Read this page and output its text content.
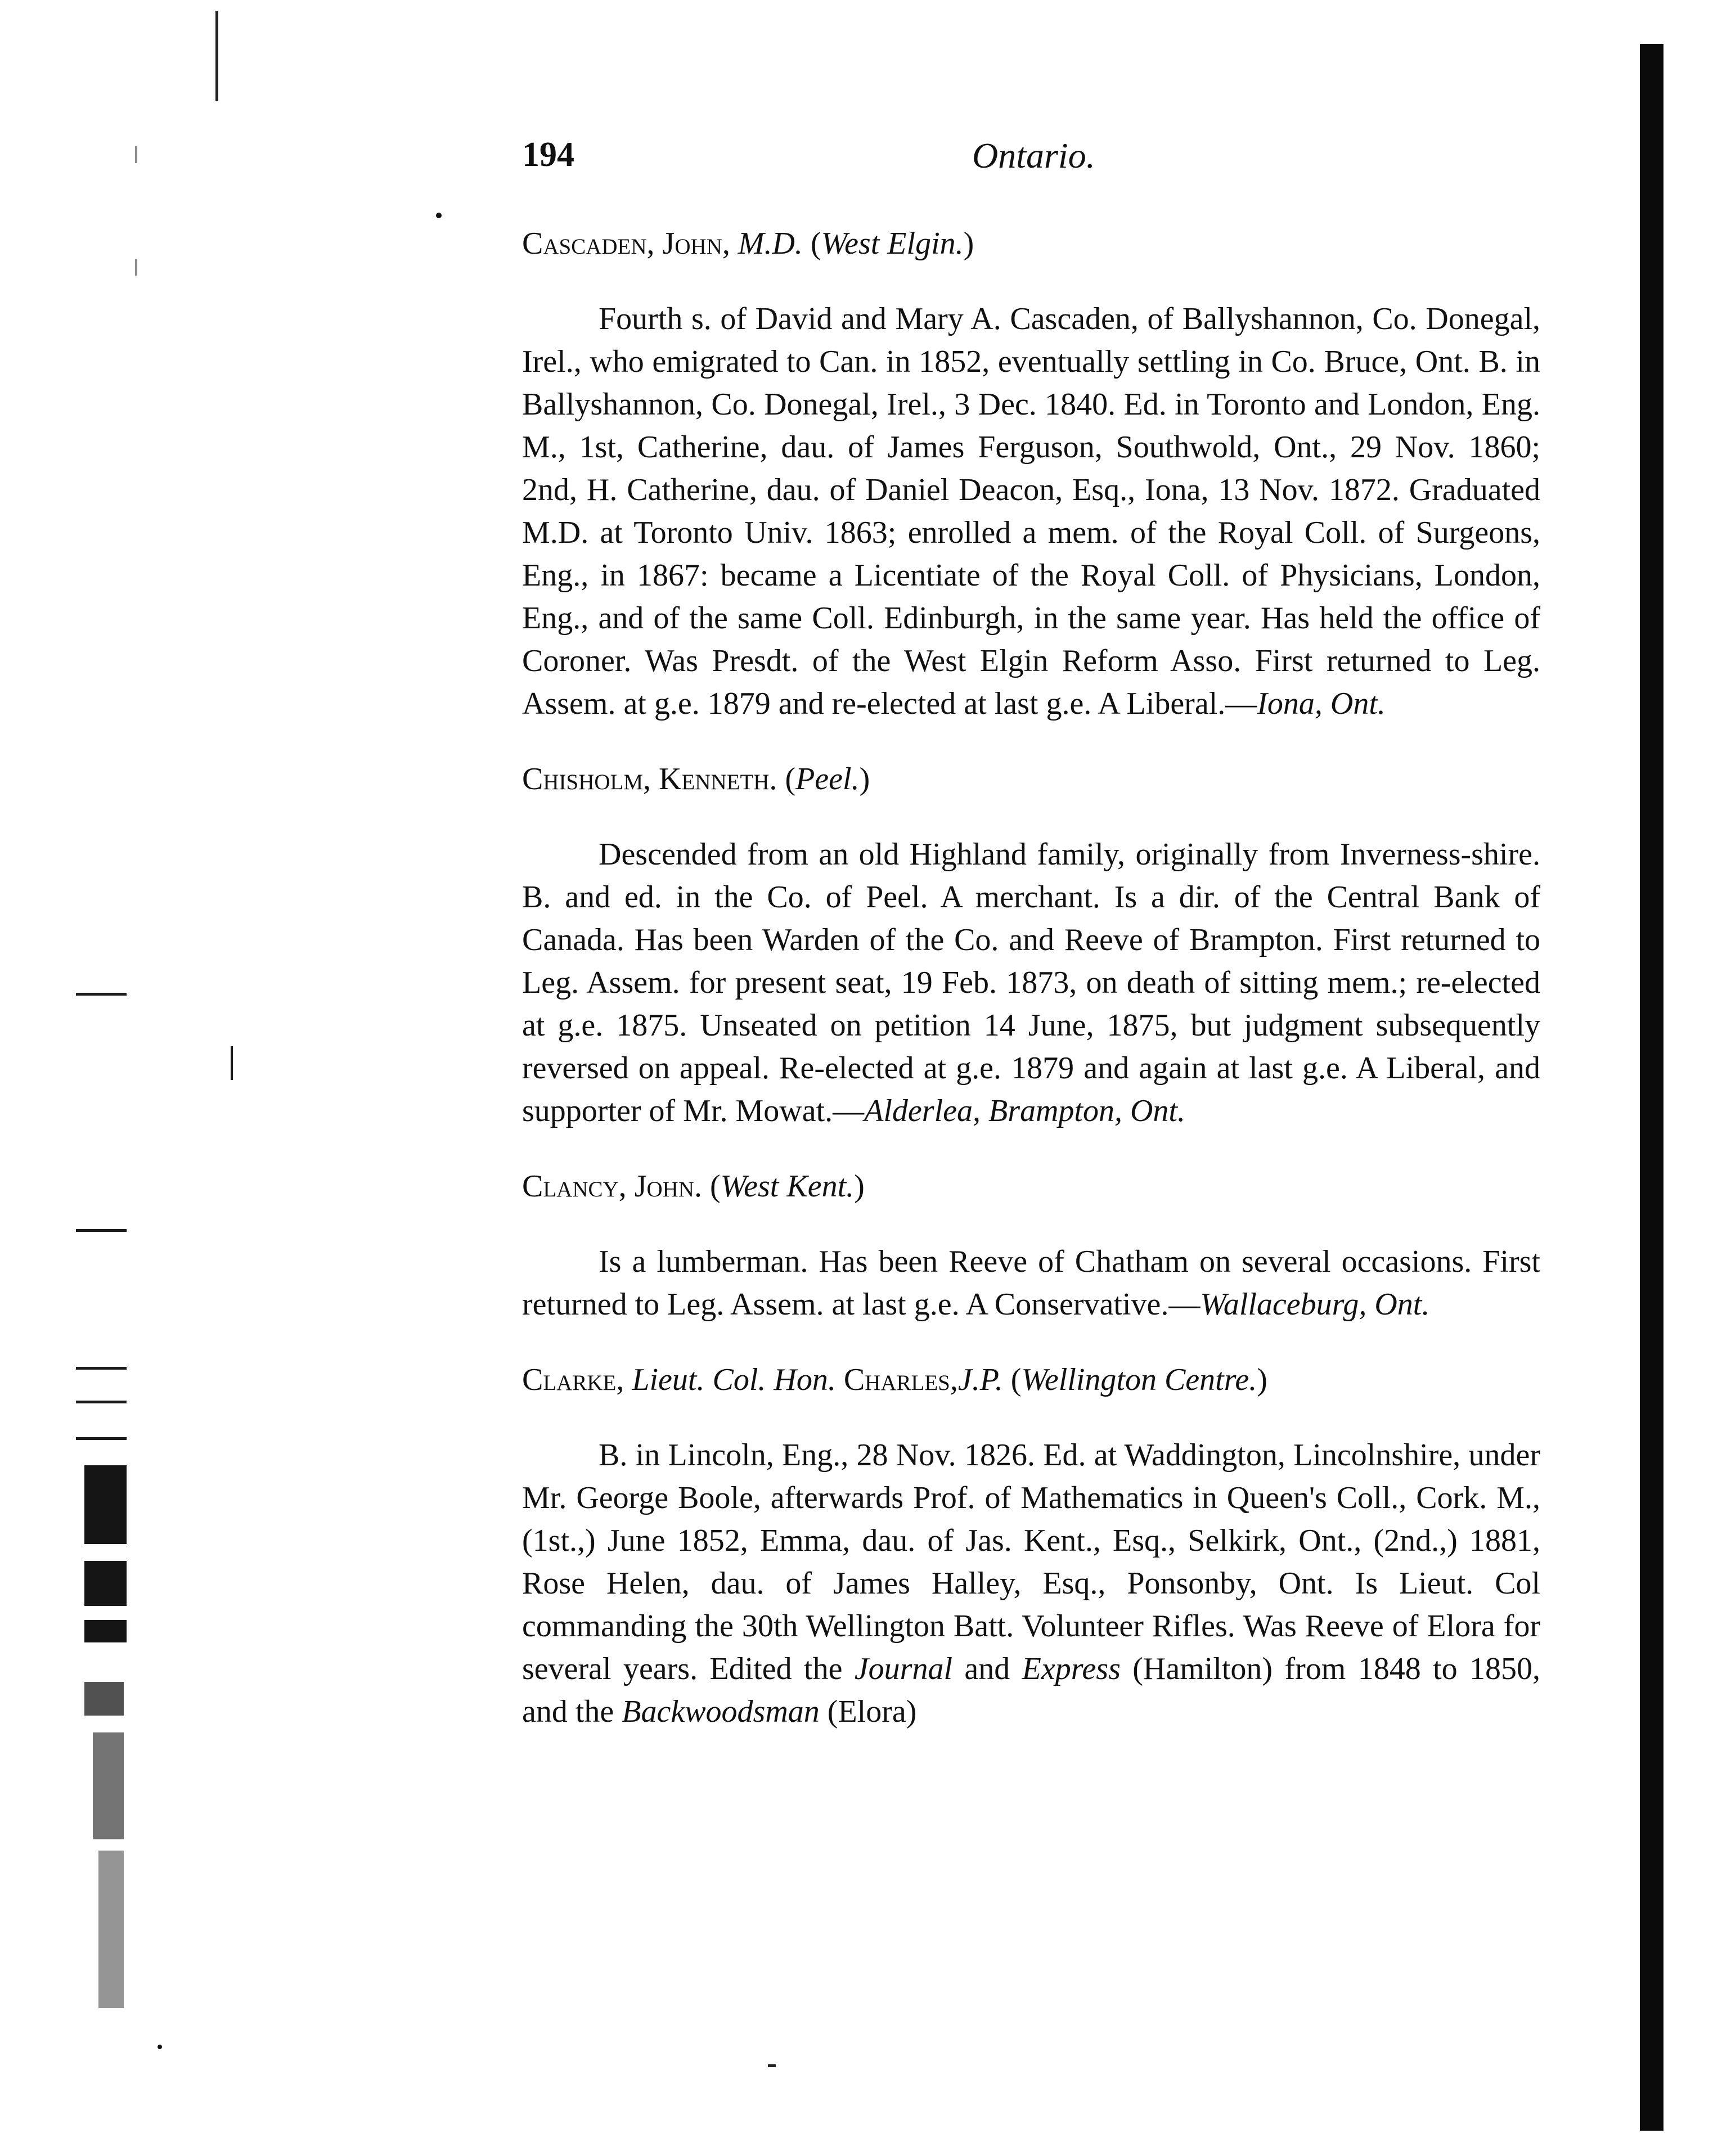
194	Ontario.
Cascaden, John, M.D. (West Elgin.)

Fourth s. of David and Mary A. Cascaden, of Ballyshannon, Co. Donegal, Irel., who emigrated to Can. in 1852, eventually settling in Co. Bruce, Ont. B. in Ballyshannon, Co. Donegal, Irel., 3 Dec. 1840. Ed. in Toronto and London, Eng. M., 1st, Catherine, dau. of James Ferguson, Southwold, Ont., 29 Nov. 1860; 2nd, H. Catherine, dau. of Daniel Deacon, Esq., Iona, 13 Nov. 1872. Graduated M.D. at Toronto Univ. 1863; enrolled a mem. of the Royal Coll. of Surgeons, Eng., in 1867: became a Licentiate of the Royal Coll. of Physicians, London, Eng., and of the same Coll. Edinburgh, in the same year. Has held the office of Coroner. Was Presdt. of the West Elgin Reform Asso. First returned to Leg. Assem. at g.e. 1879 and re-elected at last g.e. A Liberal.—Iona, Ont.

Chisholm, Kenneth. (Peel.)

Descended from an old Highland family, originally from Inverness-shire. B. and ed. in the Co. of Peel. A merchant. Is a dir. of the Central Bank of Canada. Has been Warden of the Co. and Reeve of Brampton. First returned to Leg. Assem. for present seat, 19 Feb. 1873, on death of sitting mem.; re-elected at g.e. 1875. Unseated on petition 14 June, 1875, but judgment subsequently reversed on appeal. Re-elected at g.e. 1879 and again at last g.e. A Liberal, and supporter of Mr. Mowat.—Alderlea, Brampton, Ont.

Clancy, John. (West Kent.)

Is a lumberman. Has been Reeve of Chatham on several occasions. First returned to Leg. Assem. at last g.e. A Conservative.—Wallaceburg, Ont.

Clarke, Lieut. Col. Hon. Charles,J.P. (Wellington Centre.)

B. in Lincoln, Eng., 28 Nov. 1826. Ed. at Waddington, Lincolnshire, under Mr. George Boole, afterwards Prof. of Mathematics in Queen's Coll., Cork. M., (1st.,) June 1852, Emma, dau. of Jas. Kent., Esq., Selkirk, Ont., (2nd.,) 1881, Rose Helen, dau. of James Halley, Esq., Ponsonby, Ont. Is Lieut. Col commanding the 30th Wellington Batt. Volunteer Rifles. Was Reeve of Elora for several years. Edited the Journal and Express (Hamilton) from 1848 to 1850, and the Backwoodsman (Elora)
